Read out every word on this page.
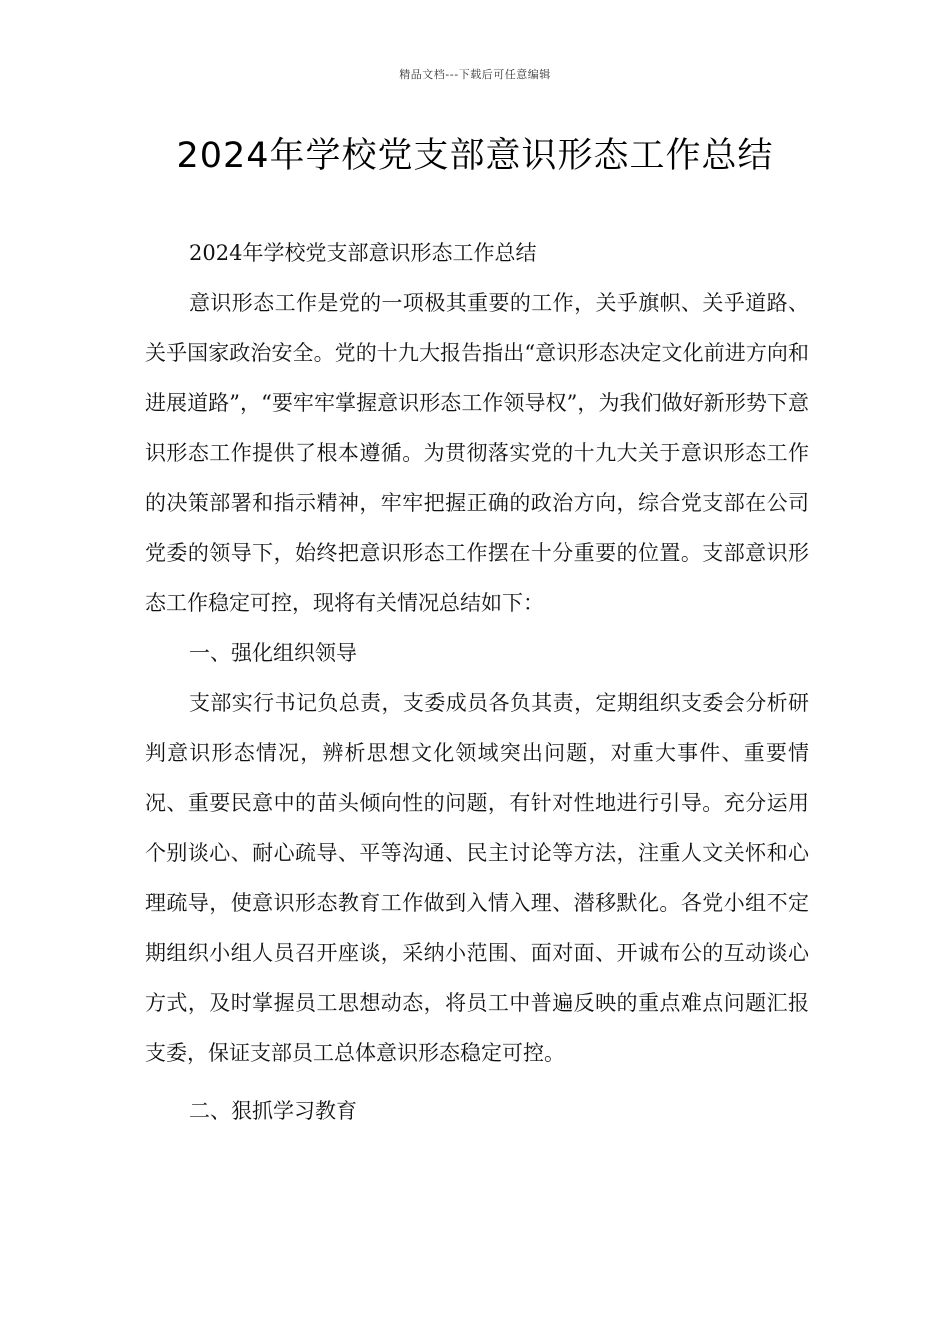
精品文档---下载后可任意编辑
2024年学校党支部意识形态工作总结

2024年学校党支部意识形态工作总结

意识形态工作是党的一项极其重要的工作，关乎旗帜、关乎道路、关乎国家政治安全。党的十九大报告指出“意识形态决定文化前进方向和进展道路”，“要牢牢掌握意识形态工作领导权”，为我们做好新形势下意识形态工作提供了根本遵循。为贯彻落实党的十九大关于意识形态工作的决策部署和指示精神，牢牢把握正确的政治方向，综合党支部在公司党委的领导下，始终把意识形态工作摆在十分重要的位置。支部意识形态工作稳定可控，现将有关情况总结如下：

一、强化组织领导

支部实行书记负总责，支委成员各负其责，定期组织支委会分析研判意识形态情况，辨析思想文化领域突出问题，对重大事件、重要情况、重要民意中的苗头倾向性的问题，有针对性地进行引导。充分运用个别谈心、耐心疏导、平等沟通、民主讨论等方法，注重人文关怀和心理疏导，使意识形态教育工作做到入情入理、潜移默化。各党小组不定期组织小组人员召开座谈，采纳小范围、面对面、开诚布公的互动谈心方式，及时掌握员工思想动态，将员工中普遍反映的重点难点问题汇报支委，保证支部员工总体意识形态稳定可控。

二、狠抓学习教育
